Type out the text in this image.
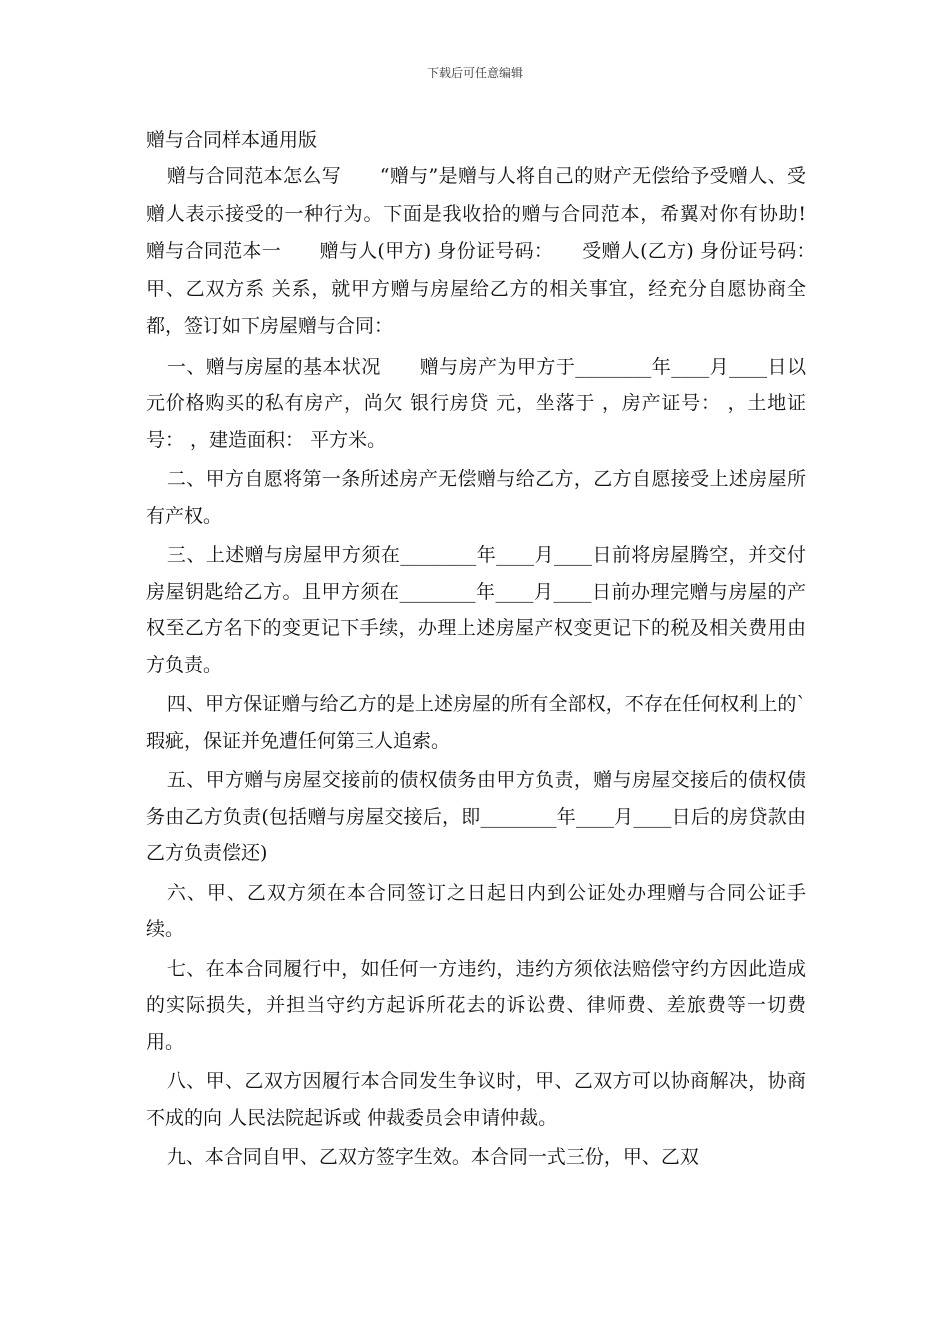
下载后可任意编辑

赠与合同样本通用版

赠与合同范本怎么写　　“赠与”是赠与人将自己的财产无偿给予受赠人、受赠人表示接受的一种行为。下面是我收拾的赠与合同范本，希翼对你有协助!　　赠与合同范本一　　赠与人(甲方) 身份证号码：　　受赠人(乙方) 身份证号码：　　甲、乙双方系 关系，就甲方赠与房屋给乙方的相关事宜，经充分自愿协商全都，签订如下房屋赠与合同：

一、赠与房屋的基本状况　　赠与房产为甲方于________年____月____日以 元价格购买的私有房产，尚欠 银行房贷 元，坐落于 ，房产证号： ，土地证号： ，建造面积： 平方米。

二、甲方自愿将第一条所述房产无偿赠与给乙方，乙方自愿接受上述房屋所有产权。

三、上述赠与房屋甲方须在________年____月____日前将房屋腾空，并交付房屋钥匙给乙方。且甲方须在________年____月____日前办理完赠与房屋的产权至乙方名下的变更记下手续，办理上述房屋产权变更记下的税及相关费用由 方负责。

四、甲方保证赠与给乙方的是上述房屋的所有全部权，不存在任何权利上的`瑕疵，保证并免遭任何第三人追索。

五、甲方赠与房屋交接前的债权债务由甲方负责，赠与房屋交接后的债权债务由乙方负责(包括赠与房屋交接后，即________年____月____日后的房贷款由乙方负责偿还)

六、甲、乙双方须在本合同签订之日起日内到公证处办理赠与合同公证手续。

七、在本合同履行中，如任何一方违约，违约方须依法赔偿守约方因此造成的实际损失，并担当守约方起诉所花去的诉讼费、律师费、差旅费等一切费用。

八、甲、乙双方因履行本合同发生争议时，甲、乙双方可以协商解决，协商不成的向 人民法院起诉或 仲裁委员会申请仲裁。

九、本合同自甲、乙双方签字生效。本合同一式三份，甲、乙双
